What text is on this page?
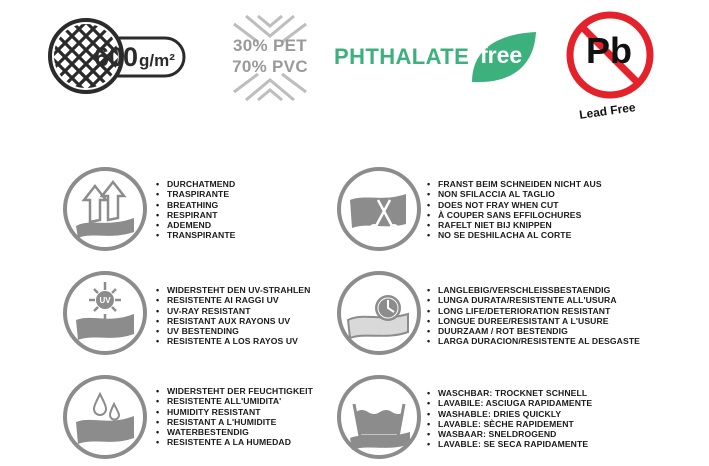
600 g/m²
30% PET
70% PVC	PHTHALATE free Pb
Lead Free
UV
• DURCHATMEND
• TRASPIRANTE
• BREATHING
• RESPIRANT
• ADEMEND
• TRANSPIRANTE
• FRANST BEIM SCHNEIDEN NICHT AUS
• NON SFILACCIA AL TAGLIO
• DOES NOT FRAY WHEN CUT
• À COUPER SANS EFFILOCHURES
• RAFELT NIET BIJ KNIPPEN
• NO SE DESHILACHA AL CORTE
• WIDERSTEHT DEN UV-STRAHLEN
• RESISTENTE AI RAGGI UV
• UV-RAY RESISTANT
• RESISTANT AUX RAYONS UV
• UV BESTENDING
• RESISTENTE A LOS RAYOS UV
• LANGLEBIG/VERSCHLEISSBESTAENDIG
• LUNGA DURATA/RESISTENTE ALL'USURA
• LONG LIFE/DETERIORATION RESISTANT
• LONGUE DUREE/RESISTANT A L'USURE
• DUURZAAM / ROT BESTENDIG
• LARGA DURACION/RESISTENTE AL DESGASTE
• WIDERSTEHT DER FEUCHTIGKEIT
• RESISTENTE ALL'UMIDITA'
• HUMIDITY RESISTANT
• RESISTANT A L'HUMIDITE
• WATERBESTENDIG
• RESISTENTE A LA HUMEDAD
• WASCHBAR: TROCKNET SCHNELL
• LAVABILE: ASCIUGA RAPIDAMENTE
• WASHABLE: DRIES QUICKLY
• LAVABLE: SÈCHE RAPIDEMENT
• WASBAAR: SNELDROGEND
• LAVABLE: SE SECA RAPIDAMENTE
